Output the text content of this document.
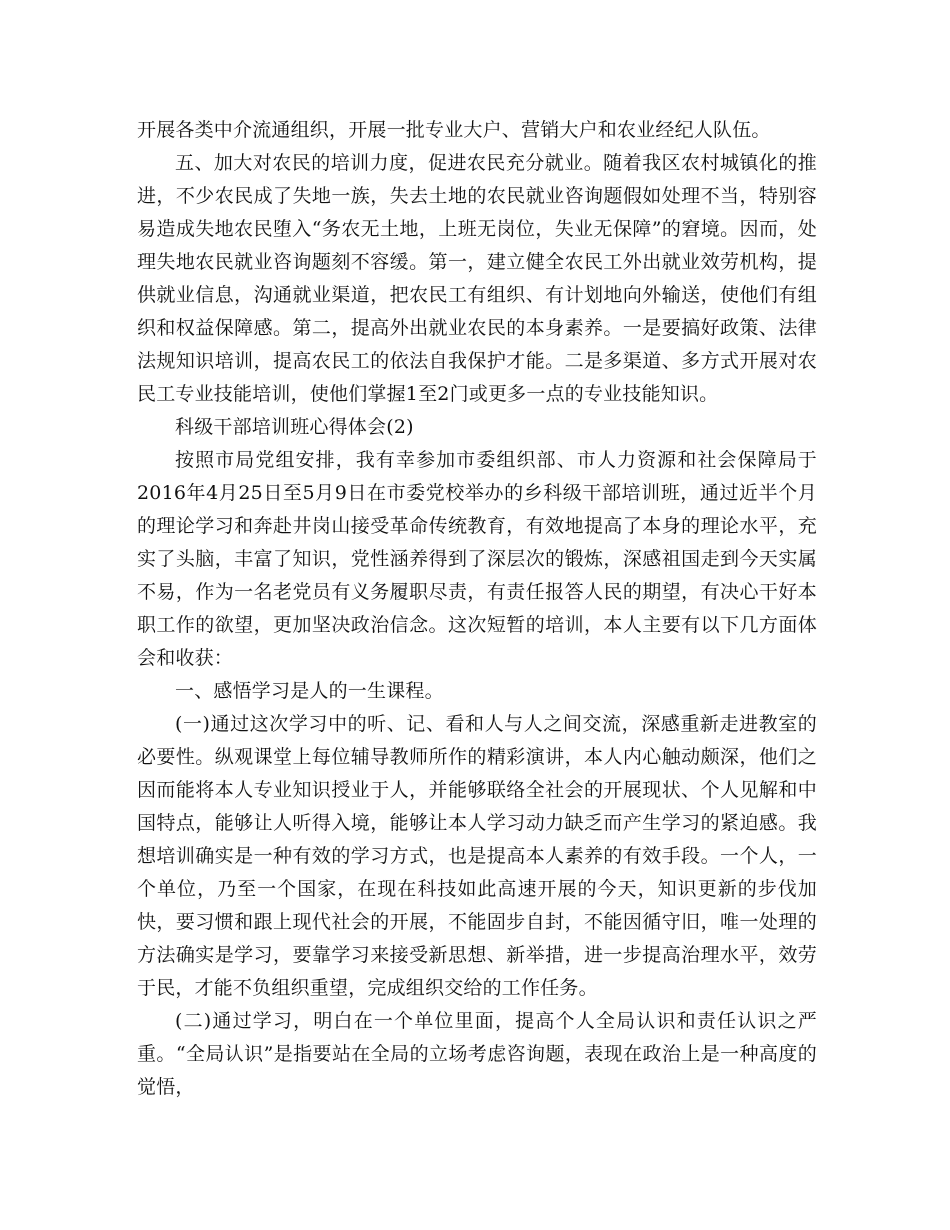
开展各类中介流通组织，开展一批专业大户、营销大户和农业经纪人队伍。

五、加大对农民的培训力度，促进农民充分就业。随着我区农村城镇化的推进，不少农民成了失地一族，失去土地的农民就业咨询题假如处理不当，特别容易造成失地农民堕入“务农无土地，上班无岗位，失业无保障”的窘境。因而，处理失地农民就业咨询题刻不容缓。第一，建立健全农民工外出就业效劳机构，提供就业信息，沟通就业渠道，把农民工有组织、有计划地向外输送，使他们有组织和权益保障感。第二，提高外出就业农民的本身素养。一是要搞好政策、法律法规知识培训，提高农民工的依法自我保护才能。二是多渠道、多方式开展对农民工专业技能培训，使他们掌握1至2门或更多一点的专业技能知识。

科级干部培训班心得体会(2)

按照市局党组安排，我有幸参加市委组织部、市人力资源和社会保障局于2016年4月25日至5月9日在市委党校举办的乡科级干部培训班，通过近半个月的理论学习和奔赴井岗山接受革命传统教育，有效地提高了本身的理论水平，充实了头脑，丰富了知识，党性涵养得到了深层次的锻炼，深感祖国走到今天实属不易，作为一名老党员有义务履职尽责，有责任报答人民的期望，有决心干好本职工作的欲望，更加坚决政治信念。这次短暂的培训，本人主要有以下几方面体会和收获：

一、感悟学习是人的一生课程。

(一)通过这次学习中的听、记、看和人与人之间交流，深感重新走进教室的必要性。纵观课堂上每位辅导教师所作的精彩演讲，本人内心触动颇深，他们之因而能将本人专业知识授业于人，并能够联络全社会的开展现状、个人见解和中国特点，能够让人听得入境，能够让本人学习动力缺乏而产生学习的紧迫感。我想培训确实是一种有效的学习方式，也是提高本人素养的有效手段。一个人，一个单位，乃至一个国家，在现在科技如此高速开展的今天，知识更新的步伐加快，要习惯和跟上现代社会的开展，不能固步自封，不能因循守旧，唯一处理的方法确实是学习，要靠学习来接受新思想、新举措，进一步提高治理水平，效劳于民，才能不负组织重望，完成组织交给的工作任务。

(二)通过学习，明白在一个单位里面，提高个人全局认识和责任认识之严重。“全局认识”是指要站在全局的立场考虑咨询题，表现在政治上是一种高度的觉悟，
